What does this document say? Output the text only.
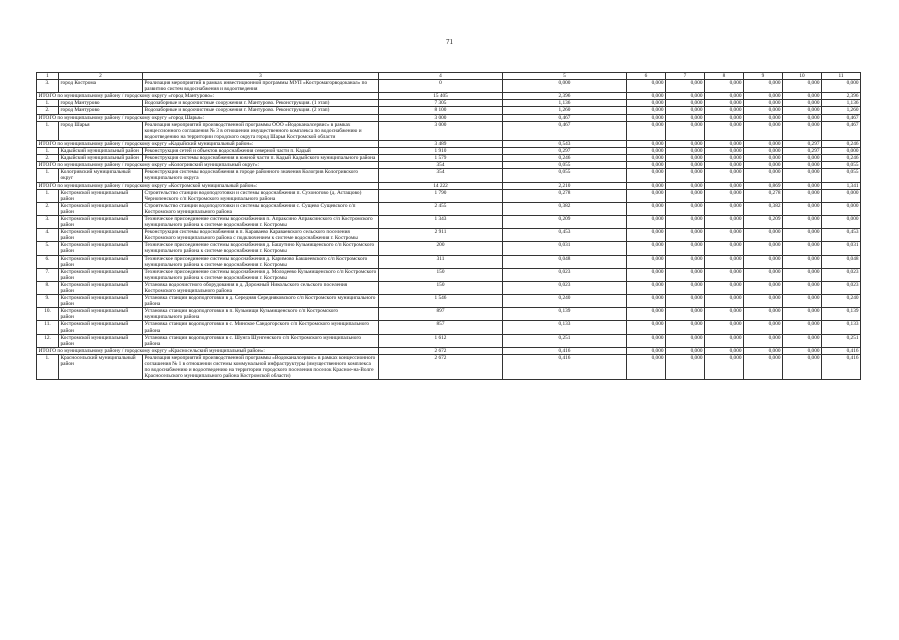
71
1	2	3	4	5	6	7	8	9	10	11
3.	город Кострома	Реализация мероприятий в рамках инвестиционной программы МУП «Костромагорводоканал» по развитию систем водоснабжения и водоотведения	0	0,000	0,000	0,000	0,000	0,000	0,000	0,000
ИТОГО по муниципальному району / городскому округу «город Мантурово»:			15 405	2,396	0,000	0,000	0,000	0,000	0,000	2,396
1.	город Мантурово	Водозаборные и водоочистные сооружения г. Мантурово. Реконструкция. (1 этап)	7 305	1,136	0,000	0,000	0,000	0,000	0,000	1,136
2.	город Мантурово	Водозаборные и водоочистные сооружения г. Мантурово. Реконструкция. (2 этап)	8 100	1,260	0,000	0,000	0,000	0,000	0,000	1,260
ИТОГО по муниципальному району / городскому округу «город Шарья»:			3 000	0,467	0,000	0,000	0,000	0,000	0,000	0,467
1.	город Шарья	Реализация мероприятий производственной программы ООО «Водоканалсервис» в рамках концессионного соглашения № 3 в отношении имущественного комплекса по водоснабжению и водоотведению на территории городского округа город Шарья Костромской области	3 000	0,467	0,000	0,000	0,000	0,000	0,000	0,467
ИТОГО по муниципальному району / городскому округу «Кадыйский муниципальный район»:			3 489	0,543	0,000	0,000	0,000	0,000	0,297	0,246
1.	Кадыйский муниципальный район	Реконструкция сетей и объектов водоснабжения северной части п. Кадый	1 910	0,297	0,000	0,000	0,000	0,000	0,297	0,000
2.	Кадыйский муниципальный район	Реконструкция системы водоснабжения в южной части п. Кадый Кадыйского муниципального района	1 579	0,246	0,000	0,000	0,000	0,000	0,000	0,246
ИТОГО по муниципальному району / городскому округу «Кологривский муниципальный округ»:			354	0,055	0,000	0,000	0,000	0,000	0,000	0,055
1.	Кологривский муниципальный округ	Реконструкция системы водоснабжения в городе районного значения Кологрив Кологривского муниципального округа	354	0,055	0,000	0,000	0,000	0,000	0,000	0,055
ИТОГО по муниципальному району / городскому округу «Костромской муниципальный район»:			14 222	2,210	0,000	0,000	0,000	0,869	0,000	1,341
1.	Костромской муниципальный район	Строительство станции водоподготовки и системы водоснабжения п. Сухоногово (д. Астащово) Чернопенского с/п Костромского муниципального района	1 790	0,278	0,000	0,000	0,000	0,278	0,000	0,000
2.	Костромской муниципальный район	Строительство станции водоподготовки и системы водоснабжения с. Сущево Сущевского с/п Костромского муниципального района	2 455	0,382	0,000	0,000	0,000	0,382	0,000	0,000
3.	Костромской муниципальный район	Техническое присоединение системы водоснабжения п. Апраксино Апраксинского с/п Костромского муниципального района к системе водоснабжения г. Костромы	1 343	0,209	0,000	0,000	0,000	0,209	0,000	0,000
4.	Костромской муниципальный район	Реконструкция системы водоснабжения в п. Караваево Караваевского сельского поселения Костромского муниципального района с подключением к системе водоснабжения г. Костромы	2 911	0,453	0,000	0,000	0,000	0,000	0,000	0,453
5.	Костромской муниципальный район	Техническое присоединение системы водоснабжения д. Башутино Кузьмищенского с/п Костромского муниципального района к системе водоснабжения г. Костромы	200	0,031	0,000	0,000	0,000	0,000	0,000	0,031
6.	Костромской муниципальный район	Техническое присоединение системы водоснабжения д. Каримово Бакшеевского с/п Костромского муниципального района к системе водоснабжения г. Костромы	311	0,048	0,000	0,000	0,000	0,000	0,000	0,048
7.	Костромской муниципальный район	Техническое присоединение системы водоснабжения д. Молодеево Кузьмищенского с/п Костромского муниципального района к системе водоснабжения г. Костромы	150	0,023	0,000	0,000	0,000	0,000	0,000	0,023
8.	Костромской муниципальный район	Установка водоочистного оборудования в д. Дорожный Никольского сельского поселения Костромского муниципального района	150	0,023	0,000	0,000	0,000	0,000	0,000	0,023
9.	Костромской муниципальный район	Установка станции водоподготовки в д. Середняя Середняковского с/п Костромского муниципального района	1 546	0,240	0,000	0,000	0,000	0,000	0,000	0,240
10.	Костромской муниципальный район	Установка станции водоподготовки в п. Кузьмищи Кузьмищенского с/п Костромского муниципального района	897	0,139	0,000	0,000	0,000	0,000	0,000	0,139
11.	Костромской муниципальный район	Установка станции водоподготовки в с. Минское Сандогорского с/п Костромского муниципального района	857	0,133	0,000	0,000	0,000	0,000	0,000	0,133
12.	Костромской муниципальный район	Установка станции водоподготовки в с. Шунга Шунгенского с/п Костромского муниципального района	1 612	0,251	0,000	0,000	0,000	0,000	0,000	0,251
ИТОГО по муниципальному району / городскому округу «Красносельский муниципальный район»:			2 672	0,416	0,000	0,000	0,000	0,000	0,000	0,416
1.	Красносельский муниципальный район	Реализация мероприятий производственной программы «Водоканалсервис» в рамках концессионного соглашения № 1 в отношении системы коммунальной инфраструктуры (имущественного комплекса по водоснабжению и водоотведению на территории городского поселения поселок Красное-на-Волге Красносельского муниципального района Костромской области)	2 672	0,416	0,000	0,000	0,000	0,000	0,000	0,416
